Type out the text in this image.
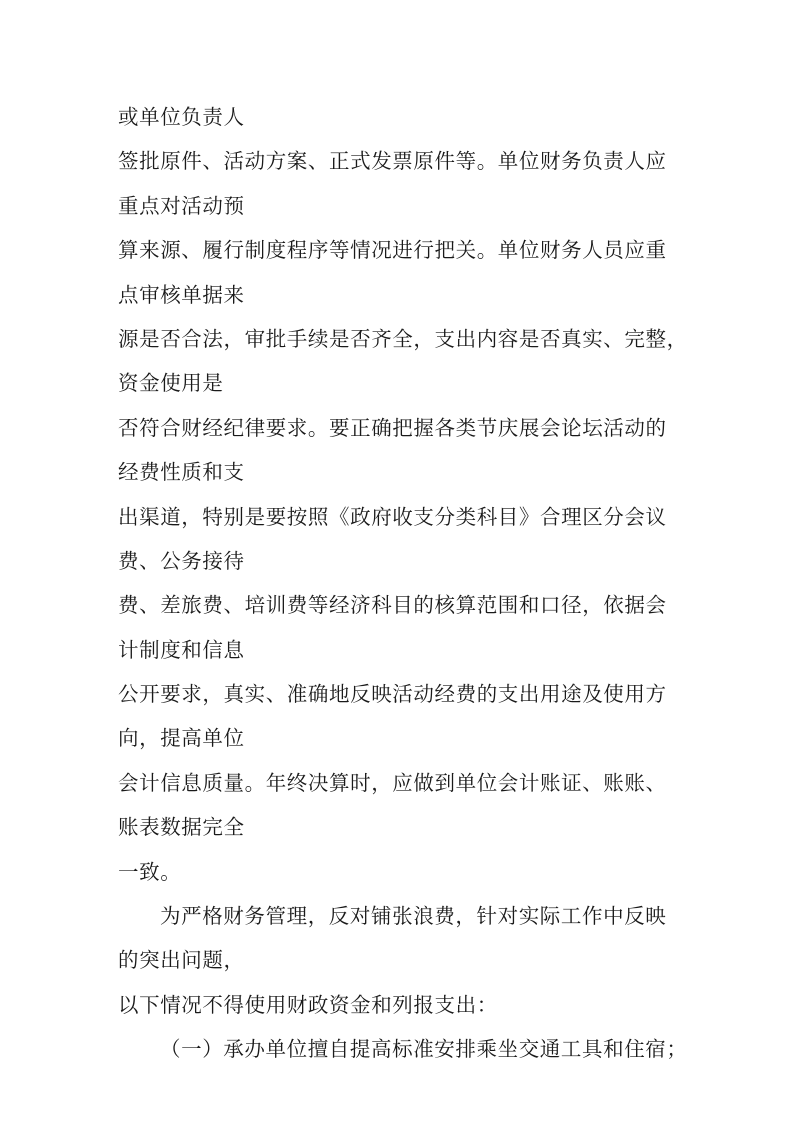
或单位负责人
签批原件、活动方案、正式发票原件等。单位财务负责人应
重点对活动预
算来源、履行制度程序等情况进行把关。单位财务人员应重
点审核单据来
源是否合法，审批手续是否齐全，支出内容是否真实、完整，
资金使用是
否符合财经纪律要求。要正确把握各类节庆展会论坛活动的
经费性质和支
出渠道，特别是要按照《政府收支分类科目》合理区分会议
费、公务接待
费、差旅费、培训费等经济科目的核算范围和口径，依据会
计制度和信息
公开要求，真实、准确地反映活动经费的支出用途及使用方
向，提高单位
会计信息质量。年终决算时，应做到单位会计账证、账账、
账表数据完全
一致。
为严格财务管理，反对铺张浪费，针对实际工作中反映
的突出问题，
以下情况不得使用财政资金和列报支出：
（一）承办单位擅自提高标准安排乘坐交通工具和住宿；
